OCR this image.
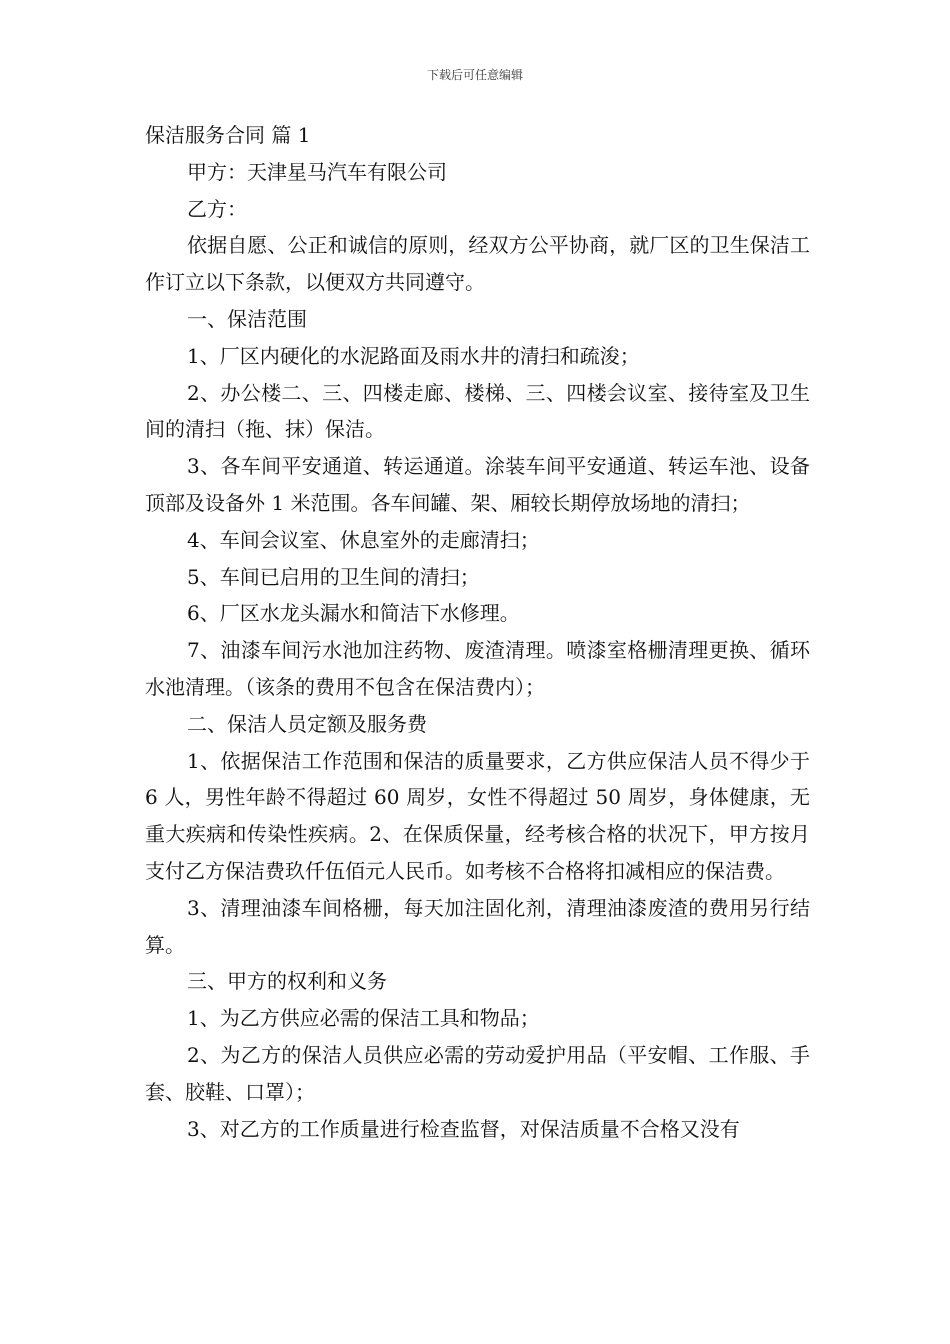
下载后可任意编辑

保洁服务合同 篇 1

甲方：天津星马汽车有限公司

乙方：

依据自愿、公正和诚信的原则，经双方公平协商，就厂区的卫生保洁工作订立以下条款，以便双方共同遵守。

一、保洁范围

1、厂区内硬化的水泥路面及雨水井的清扫和疏浚；

2、办公楼二、三、四楼走廊、楼梯、三、四楼会议室、接待室及卫生间的清扫（拖、抹）保洁。

3、各车间平安通道、转运通道。涂装车间平安通道、转运车池、设备顶部及设备外 1 米范围。各车间罐、架、厢较长期停放场地的清扫；

4、车间会议室、休息室外的走廊清扫；

5、车间已启用的卫生间的清扫；

6、厂区水龙头漏水和简洁下水修理。

7、油漆车间污水池加注药物、废渣清理。喷漆室格栅清理更换、循环水池清理。（该条的费用不包含在保洁费内）；

二、保洁人员定额及服务费

1、依据保洁工作范围和保洁的质量要求，乙方供应保洁人员不得少于 6 人，男性年龄不得超过 60 周岁，女性不得超过 50 周岁，身体健康，无重大疾病和传染性疾病。2、在保质保量，经考核合格的状况下，甲方按月支付乙方保洁费玖仟伍佰元人民币。如考核不合格将扣减相应的保洁费。

3、清理油漆车间格栅，每天加注固化剂，清理油漆废渣的费用另行结算。

三、甲方的权利和义务

1、为乙方供应必需的保洁工具和物品；

2、为乙方的保洁人员供应必需的劳动爱护用品（平安帽、工作服、手套、胶鞋、口罩）；

3、对乙方的工作质量进行检查监督，对保洁质量不合格又没有
